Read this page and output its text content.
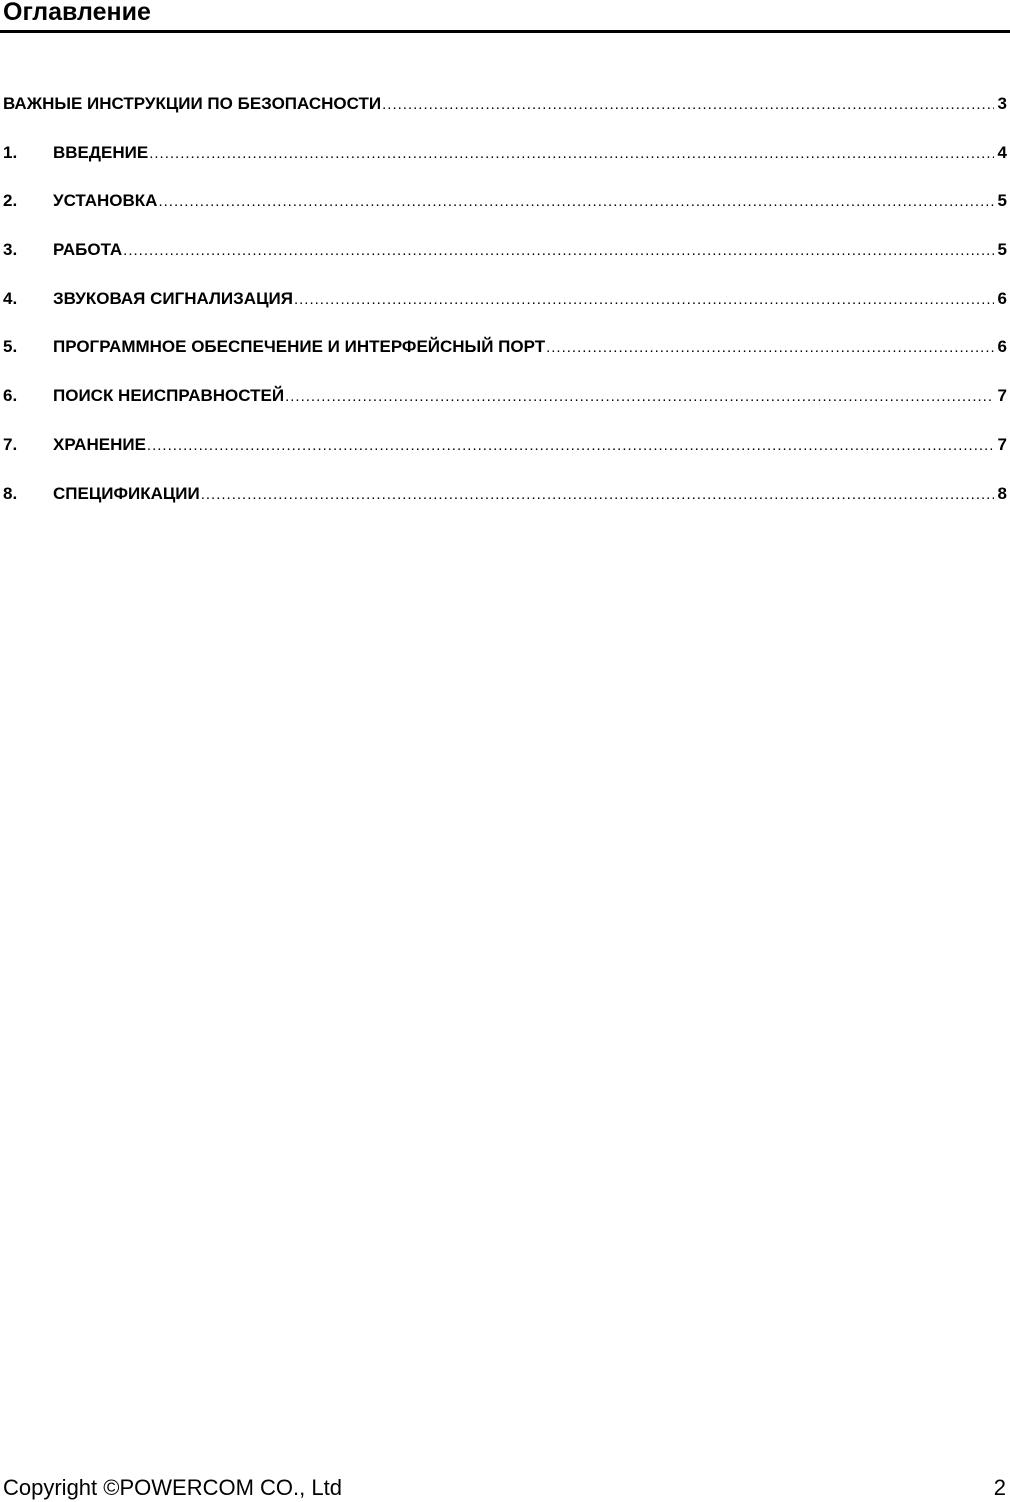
Оглавление
ВАЖНЫЕ ИНСТРУКЦИИ ПО БЕЗОПАСНОСТИ .....	3
1.	ВВЕДЕНИЕ .....	4
2.	УСТАНОВКА .....	5
3.	РАБОТА .....	5
4.	ЗВУКОВАЯ СИГНАЛИЗАЦИЯ .....	6
5.	ПРОГРАММНОЕ ОБЕСПЕЧЕНИЕ И ИНТЕРФЕЙСНЫЙ ПОРТ .....	6
6.	ПОИСК НЕИСПРАВНОСТЕЙ .....	7
7.	ХРАНЕНИЕ .....	7
8.	СПЕЦИФИКАЦИИ .....	8
Copyright ©POWERCOM CO., Ltd	2
